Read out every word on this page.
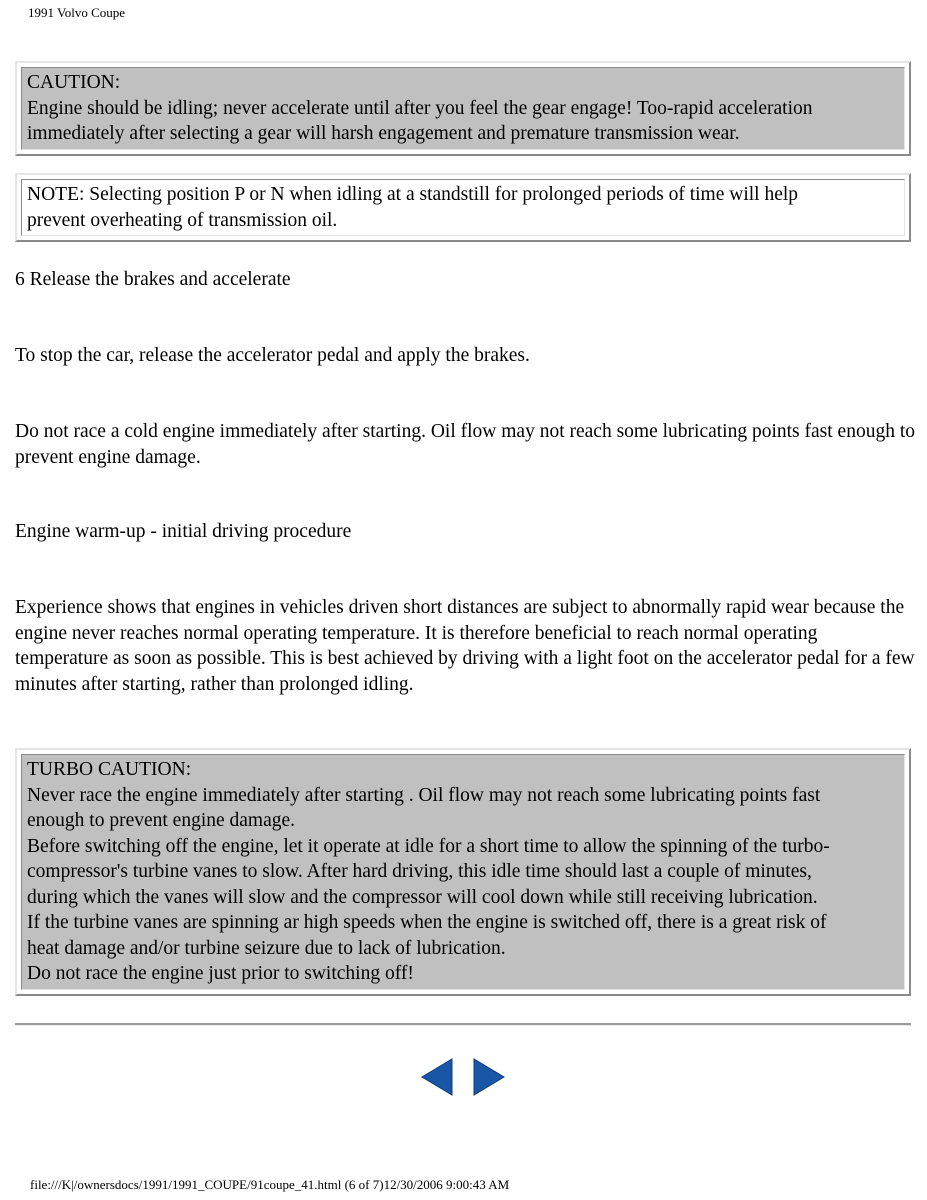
1991 Volvo Coupe
CAUTION:
Engine should be idling; never accelerate until after you feel the gear engage! Too-rapid acceleration
immediately after selecting a gear will harsh engagement and premature transmission wear.
NOTE: Selecting position P or N when idling at a standstill for prolonged periods of time will help
prevent overheating of transmission oil.
6 Release the brakes and accelerate
To stop the car, release the accelerator pedal and apply the brakes.
Do not race a cold engine immediately after starting. Oil flow may not reach some lubricating points fast enough to prevent engine damage.
Engine warm-up - initial driving procedure
Experience shows that engines in vehicles driven short distances are subject to abnormally rapid wear because the engine never reaches normal operating temperature. It is therefore beneficial to reach normal operating temperature as soon as possible. This is best achieved by driving with a light foot on the accelerator pedal for a few minutes after starting, rather than prolonged idling.
TURBO CAUTION:
Never race the engine immediately after starting . Oil flow may not reach some lubricating points fast
enough to prevent engine damage.
Before switching off the engine, let it operate at idle for a short time to allow the spinning of the turbo-
compressor's turbine vanes to slow. After hard driving, this idle time should last a couple of minutes,
during which the vanes will slow and the compressor will cool down while still receiving lubrication.
If the turbine vanes are spinning ar high speeds when the engine is switched off, there is a great risk of
heat damage and/or turbine seizure due to lack of lubrication.
Do not race the engine just prior to switching off!
file:///K|/ownersdocs/1991/1991_COUPE/91coupe_41.html (6 of 7)12/30/2006 9:00:43 AM
